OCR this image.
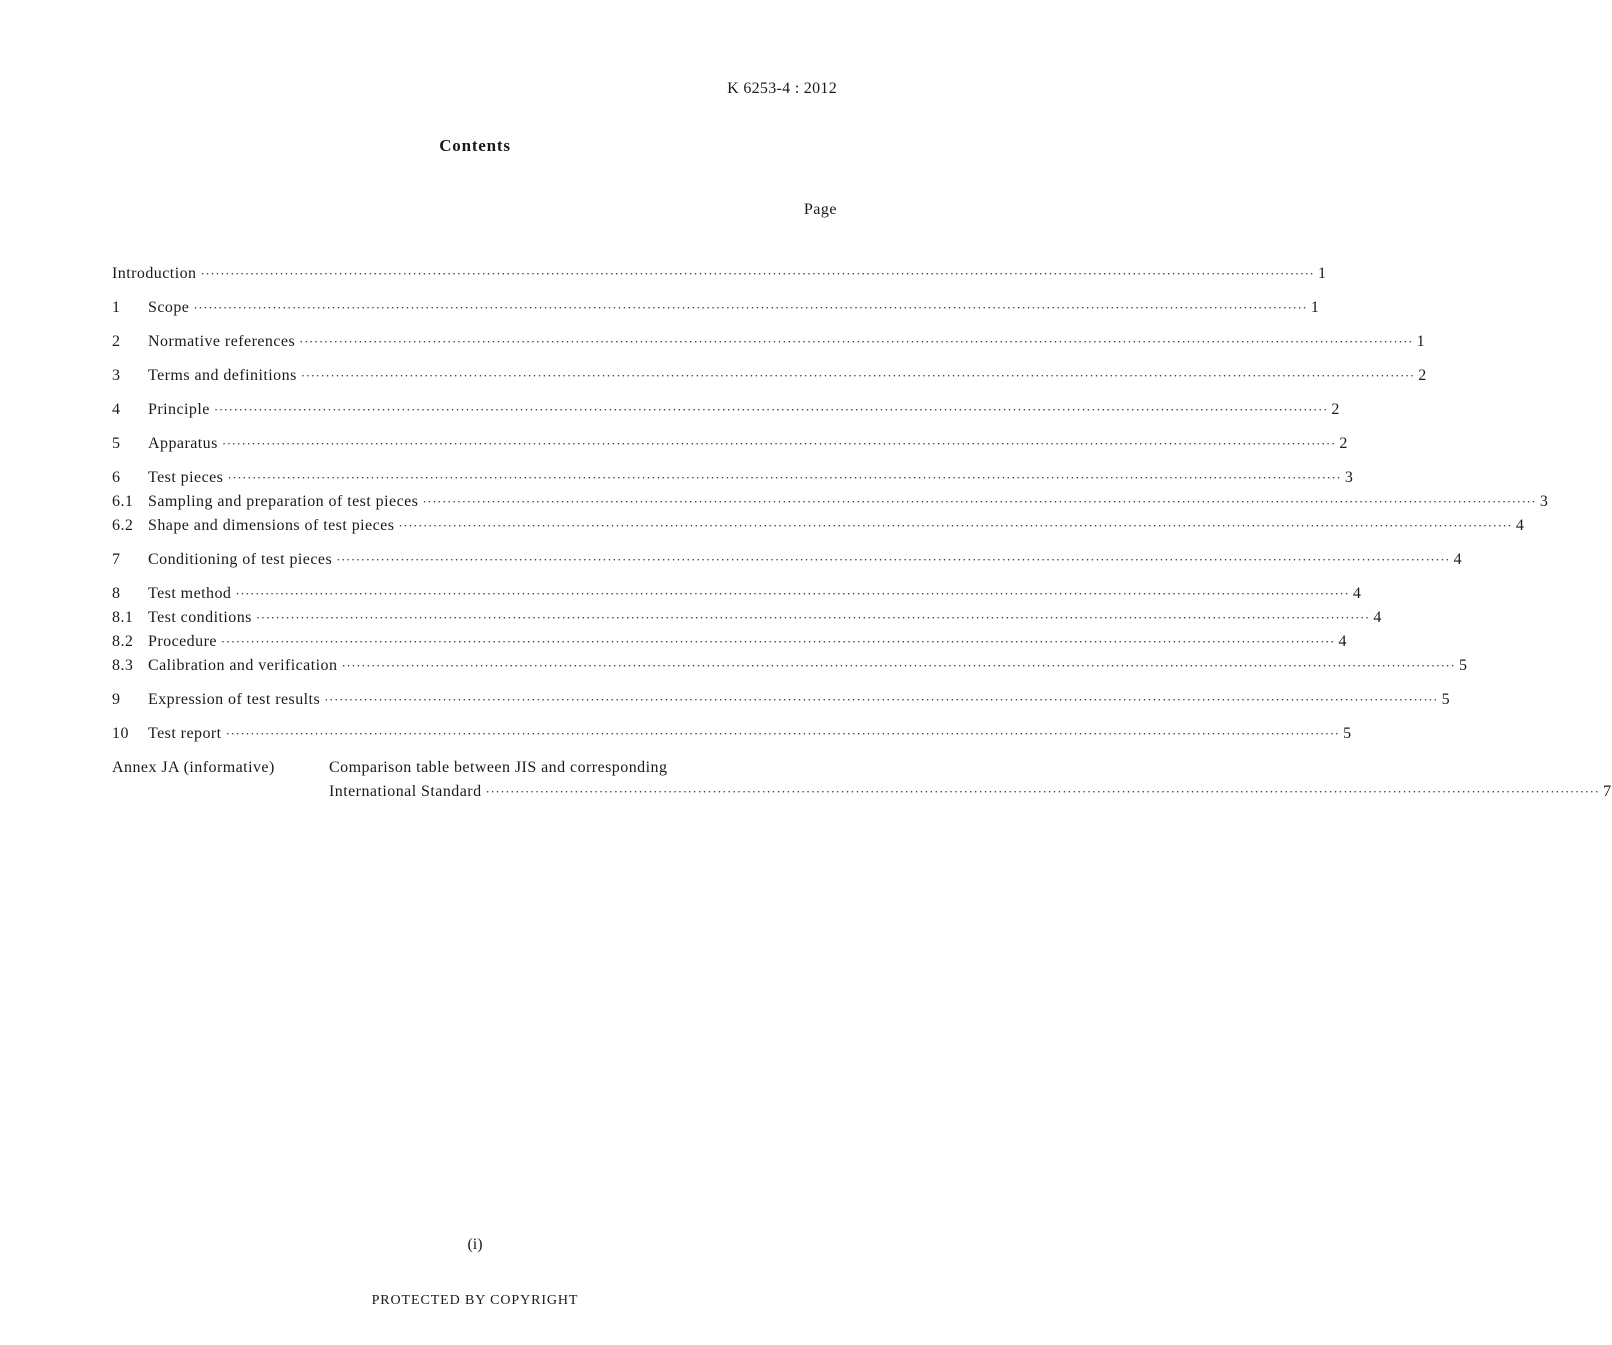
K 6253-4 : 2012
Contents
Page
Introduction ·····	1
1	Scope ·····	1
2	Normative references ·····	1
3	Terms and definitions ·····	2
4	Principle ·····	2
5	Apparatus ·····	2
6	Test pieces ·····	3
6.1 Sampling and preparation of test pieces ·····	3
6.2 Shape and dimensions of test pieces ·····	4
7	Conditioning of test pieces ·····	4
8	Test method ·····	4
8.1 Test conditions ·····	4
8.2 Procedure ·····	4
8.3 Calibration and verification ·····	5
9	Expression of test results ·····	5
10	Test report ·····	5
Annex JA (informative)	Comparison table between JIS and corresponding
International Standard ·····	7
(i)
PROTECTED BY COPYRIGHT
